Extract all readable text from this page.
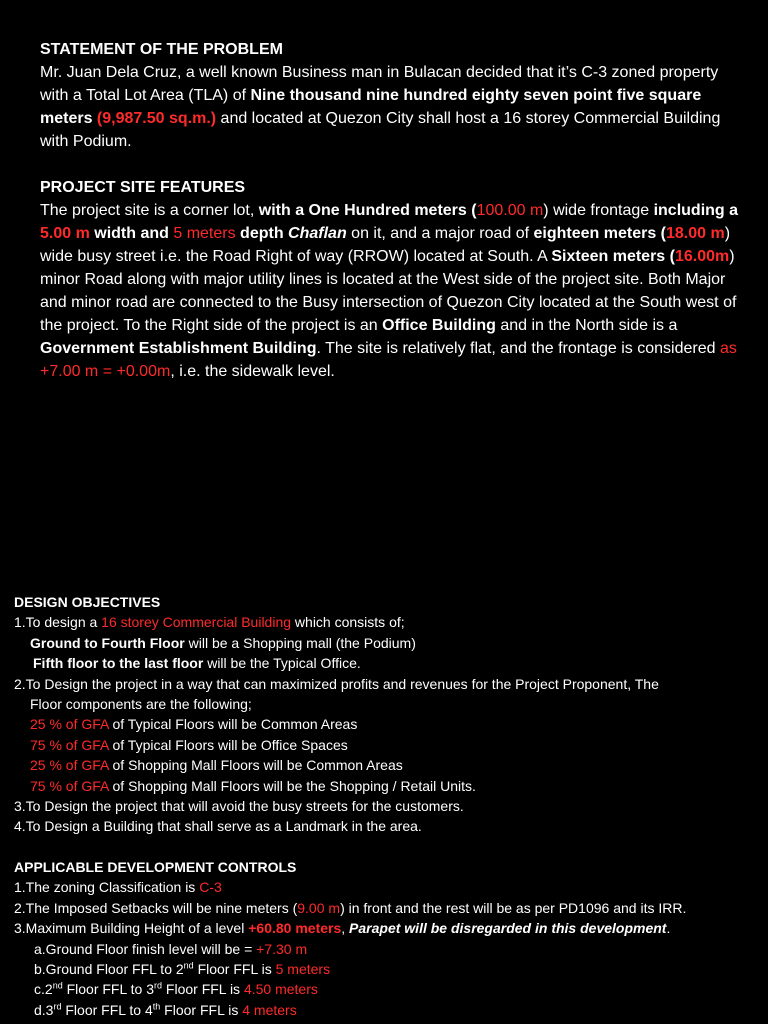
STATEMENT OF THE PROBLEM

Mr. Juan Dela Cruz, a well known Business man in Bulacan decided that it’s C-3 zoned property with a Total Lot Area (TLA) of Nine thousand nine hundred eighty seven point five square meters (9,987.50 sq.m.) and located at Quezon City shall host a 16 storey Commercial Building with Podium.

PROJECT SITE FEATURES

The project site is a corner lot, with a One Hundred meters (100.00 m) wide frontage including a 5.00 m width and 5 meters depth Chaflan on it, and a major road of eighteen meters (18.00 m) wide busy street i.e. the Road Right of way (RROW) located at South. A Sixteen meters (16.00m) minor Road along with major utility lines is located at the West side of the project site. Both Major and minor road are connected to the Busy intersection of Quezon City located at the South west of the project. To the Right side of the project is an Office Building and in the North side is a Government Establishment Building. The site is relatively flat, and the frontage is considered as +7.00 m = +0.00m, i.e. the sidewalk level.

DESIGN OBJECTIVES

1.To design a 16 storey Commercial Building which consists of;

Ground to Fourth Floor will be a Shopping mall (the Podium)

Fifth floor to the last floor will be the Typical Office.

2.To Design the project in a way that can maximized profits and revenues for the Project Proponent, The

Floor components are the following;

25 % of GFA of Typical Floors will be Common Areas

75 % of GFA of Typical Floors will be Office Spaces

25 % of GFA of Shopping Mall Floors will be Common Areas

75 % of GFA of Shopping Mall Floors will be the Shopping / Retail Units.

3.To Design the project that will avoid the busy streets for the customers.

4.To Design a Building that shall serve as a Landmark in the area.

APPLICABLE DEVELOPMENT CONTROLS

1.The zoning Classification is C-3

2.The Imposed Setbacks will be nine meters (9.00 m) in front and the rest will be as per PD1096 and its IRR.

3.Maximum Building Height of a level +60.80 meters, Parapet will be disregarded in this development.

a.Ground Floor finish level will be = +7.30 m

b.Ground Floor FFL to 2nd Floor FFL is 5 meters

c.2nd Floor FFL to 3rd Floor FFL is 4.50 meters

d.3rd Floor FFL to 4th Floor FFL is 4 meters
